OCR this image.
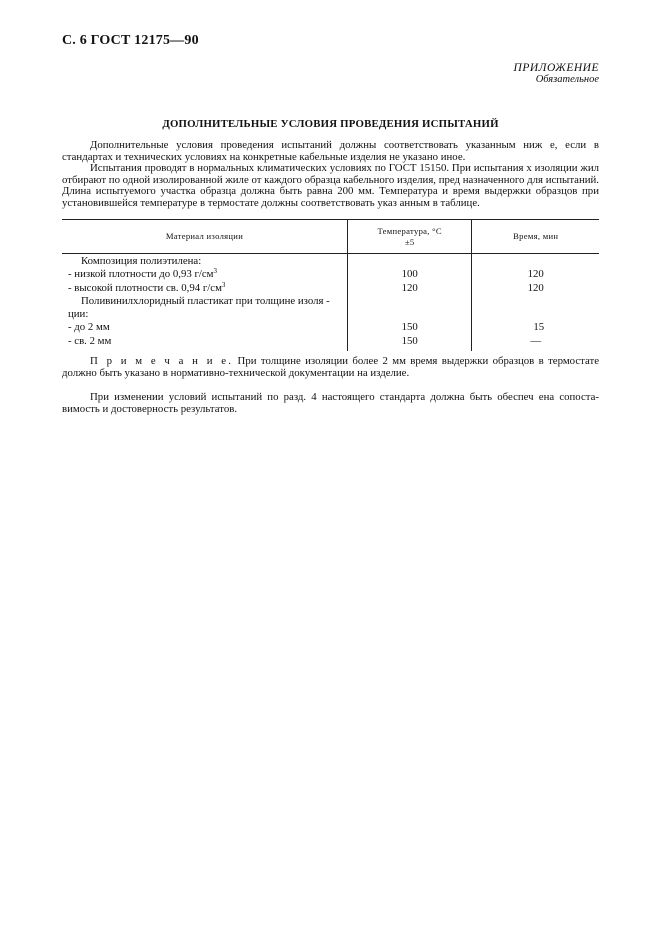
С. 6 ГОСТ 12175—90
ПРИЛОЖЕНИЕ
Обязательное
ДОПОЛНИТЕЛЬНЫЕ УСЛОВИЯ ПРОВЕДЕНИЯ ИСПЫТАНИЙ
Дополнительные условия проведения испытаний должны соответствовать указанным ниж е, если в стандартах и технических условиях на конкретные кабельные изделия не указано иное.
Испытания проводят в нормальных климатических условиях по ГОСТ 15150. При испытания х изоляции жил отбирают по одной изолированной жиле от каждого образца кабельного изделия, пред назначенного для испытаний. Длина испытуемого участка образца должна быть равна 200 мм. Температура и время выдержки образцов при установившейся температуре в термостате должны соответствовать указ анным в таблице.
Материал изоляции
Температура, °С
±5
Время, мин
Композиция полиэтилена:
- низкой плотности до 0,93 $г/см^3$
- высокой плотности св. 0,94 $г/см^3$
Поливинилхлоридный пластикат при толщине изоля -
ции:
- до 2 мм
- св. 2 мм
100
120
150
150
120
120
15
—
П р и м е ч а н и е. При толщине изоляции более 2 мм время выдержки образцов в термостате должно быть указано в нормативно-технической документации на изделие.
При изменении условий испытаний по разд. 4 настоящего стандарта должна быть обеспеч ена сопоста-вимость и достоверность результатов.
